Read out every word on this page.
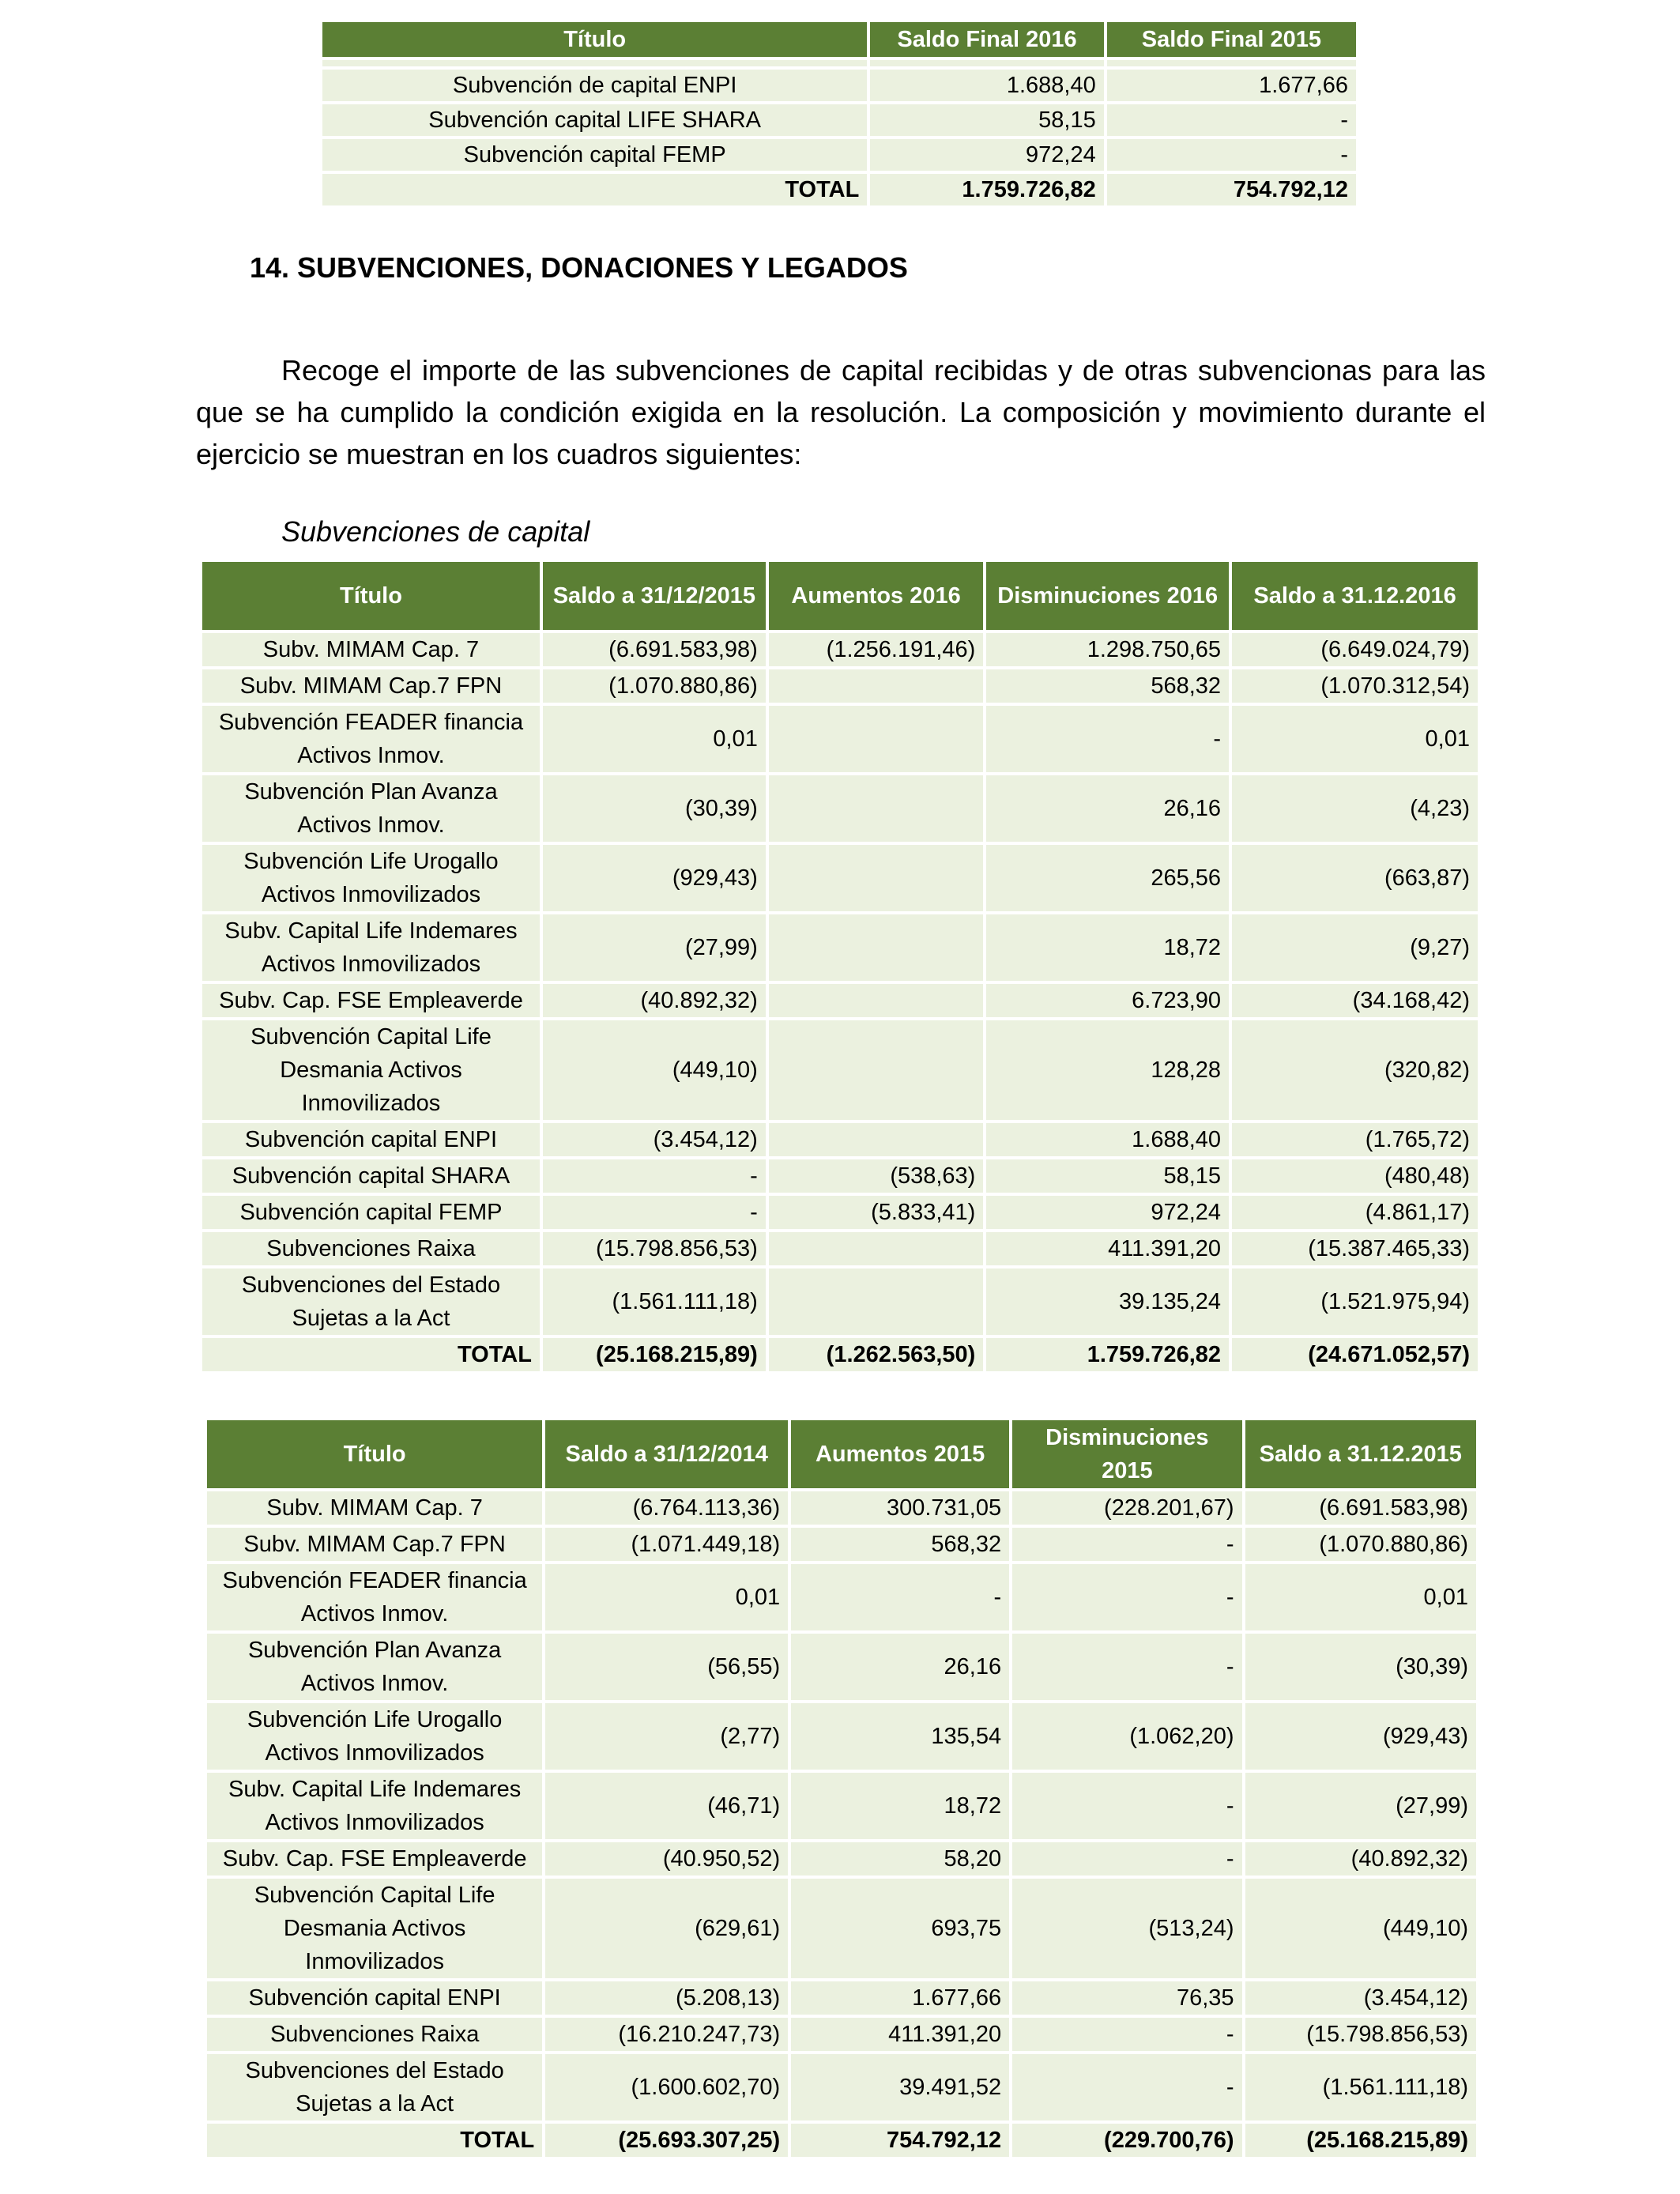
Título	Saldo Final 2016	Saldo Final 2015

Subvención de capital ENPI	1.688,40	1.677,66
Subvención capital LIFE SHARA	58,15	-
Subvención capital FEMP	972,24	-
TOTAL	1.759.726,82	754.792,12
14. SUBVENCIONES, DONACIONES Y LEGADOS

Recoge el importe de las subvenciones de capital recibidas y de otras subvencionas para las que se ha cumplido la condición exigida en la resolución. La composición y movimiento durante el ejercicio se muestran en los cuadros siguientes:

Subvenciones de capital

Título	Saldo a 31/12/2015	Aumentos 2016	Disminuciones 2016	Saldo a 31.12.2016
Subv. MIMAM Cap. 7	(6.691.583,98)	(1.256.191,46)	1.298.750,65	(6.649.024,79)
Subv. MIMAM Cap.7 FPN	(1.070.880,86)		568,32	(1.070.312,54)
Subvención FEADER financia Activos Inmov.	0,01		-	0,01
Subvención Plan Avanza Activos Inmov.	(30,39)		26,16	(4,23)
Subvención Life Urogallo Activos Inmovilizados	(929,43)		265,56	(663,87)
Subv. Capital Life Indemares Activos Inmovilizados	(27,99)		18,72	(9,27)
Subv. Cap. FSE Empleaverde	(40.892,32)		6.723,90	(34.168,42)
Subvención Capital Life Desmania Activos Inmovilizados	(449,10)		128,28	(320,82)
Subvención capital ENPI	(3.454,12)		1.688,40	(1.765,72)
Subvención capital SHARA	-	(538,63)	58,15	(480,48)
Subvención capital FEMP	-	(5.833,41)	972,24	(4.861,17)
Subvenciones Raixa	(15.798.856,53)		411.391,20	(15.387.465,33)
Subvenciones del Estado Sujetas a la Act	(1.561.111,18)		39.135,24	(1.521.975,94)
TOTAL	(25.168.215,89)	(1.262.563,50)	1.759.726,82	(24.671.052,57)
Título	Saldo a 31/12/2014	Aumentos 2015	Disminuciones 2015	Saldo a 31.12.2015
Subv. MIMAM Cap. 7	(6.764.113,36)	300.731,05	(228.201,67)	(6.691.583,98)
Subv. MIMAM Cap.7 FPN	(1.071.449,18)	568,32	-	(1.070.880,86)
Subvención FEADER financia Activos Inmov.	0,01	-	-	0,01
Subvención Plan Avanza Activos Inmov.	(56,55)	26,16	-	(30,39)
Subvención Life Urogallo Activos Inmovilizados	(2,77)	135,54	(1.062,20)	(929,43)
Subv. Capital Life Indemares Activos Inmovilizados	(46,71)	18,72	-	(27,99)
Subv. Cap. FSE Empleaverde	(40.950,52)	58,20	-	(40.892,32)
Subvención Capital Life Desmania Activos Inmovilizados	(629,61)	693,75	(513,24)	(449,10)
Subvención capital ENPI	(5.208,13)	1.677,66	76,35	(3.454,12)
Subvenciones Raixa	(16.210.247,73)	411.391,20	-	(15.798.856,53)
Subvenciones del Estado Sujetas a la Act	(1.600.602,70)	39.491,52	-	(1.561.111,18)
TOTAL	(25.693.307,25)	754.792,12	(229.700,76)	(25.168.215,89)
